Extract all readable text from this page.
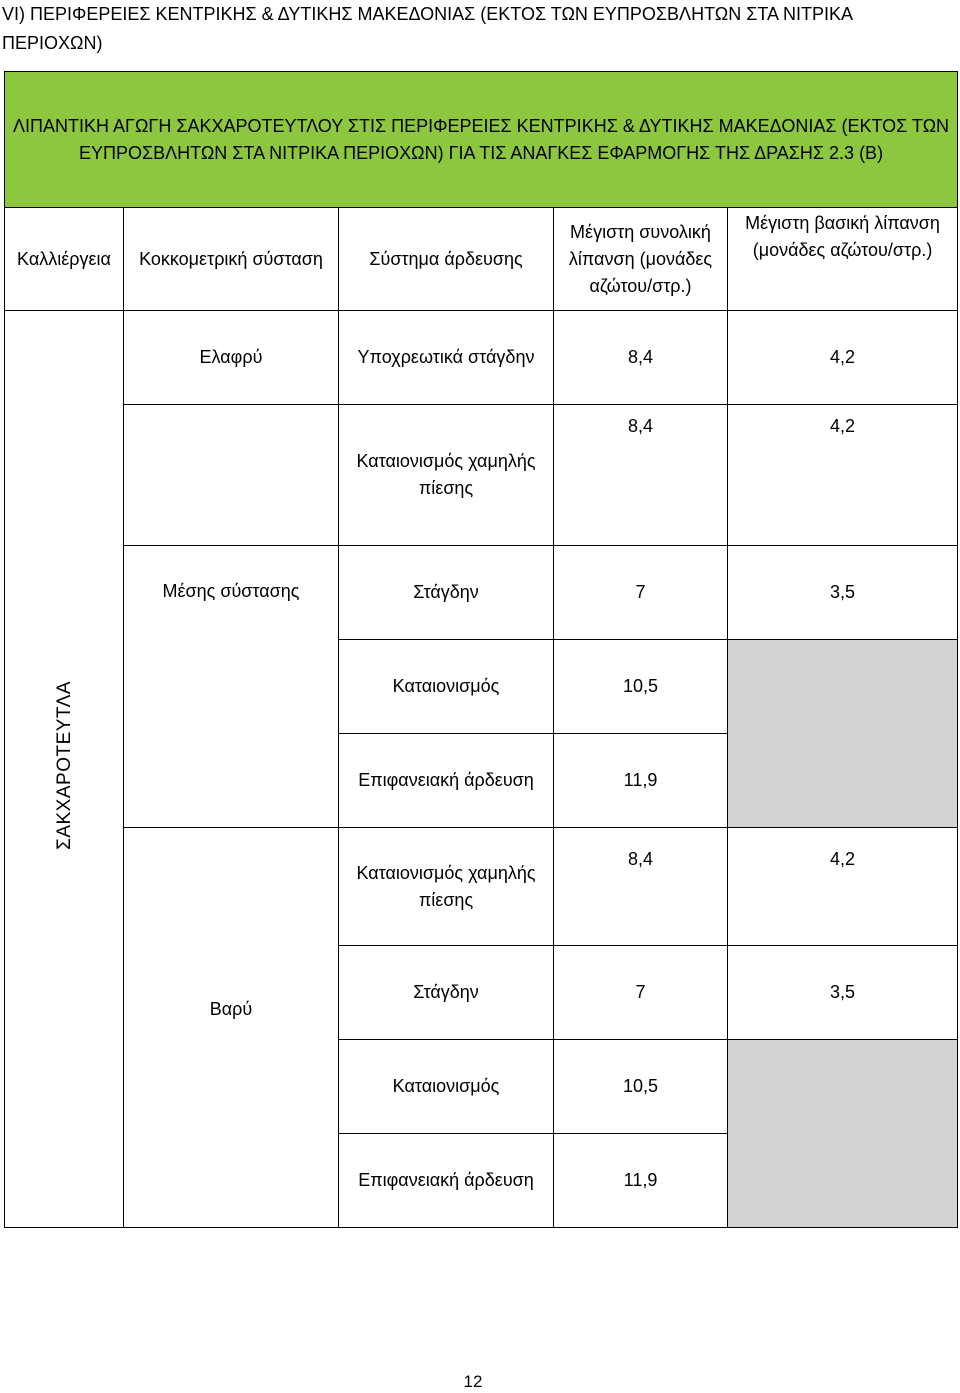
VI) ΠΕΡΙΦΕΡΕΙΕΣ ΚΕΝΤΡΙΚΗΣ & ΔΥΤΙΚΗΣ ΜΑΚΕΔΟΝΙΑΣ (ΕΚΤΟΣ ΤΩΝ ΕΥΠΡΟΣΒΛΗΤΩΝ ΣΤΑ ΝΙΤΡΙΚΑ ΠΕΡΙΟΧΩΝ)
ΛΙΠΑΝΤΙΚΗ ΑΓΩΓΗ ΣΑΚΧΑΡΟΤΕΥΤΛΟΥ ΣΤΙΣ ΠΕΡΙΦΕΡΕΙΕΣ ΚΕΝΤΡΙΚΗΣ & ΔΥΤΙΚΗΣ ΜΑΚΕΔΟΝΙΑΣ (ΕΚΤΟΣ ΤΩΝ
ΕΥΠΡΟΣΒΛΗΤΩΝ ΣΤΑ ΝΙΤΡΙΚΑ ΠΕΡΙΟΧΩΝ) ΓΙΑ ΤΙΣ ΑΝΑΓΚΕΣ ΕΦΑΡΜΟΓΗΣ ΤΗΣ ΔΡΑΣΗΣ 2.3 (Β)				

Καλλιέργεια	Κοκκομετρική σύσταση	Σύστημα άρδευσης	Μέγιστη συνολική
λίπανση (μονάδες
αζώτου/στρ.)	Μέγιστη βασική λίπανση
(μονάδες αζώτου/στρ.)

ΣΑΚΧΑΡΟΤΕΥΤΛΑ	Ελαφρύ	Υποχρεωτικά στάγδην	8,4	4,2

		Καταιονισμός χαμηλής
πίεσης	8,4	4,2
	Μέσης σύστασης	Στάγδην	7	3,5
		Καταιονισμός	10,5	
		Επιφανειακή άρδευση	11,9	
	Βαρύ	Καταιονισμός χαμηλής
πίεσης	8,4	4,2
		Στάγδην	7	3,5
		Καταιονισμός	10,5	
		Επιφανειακή άρδευση	11,9	
12
